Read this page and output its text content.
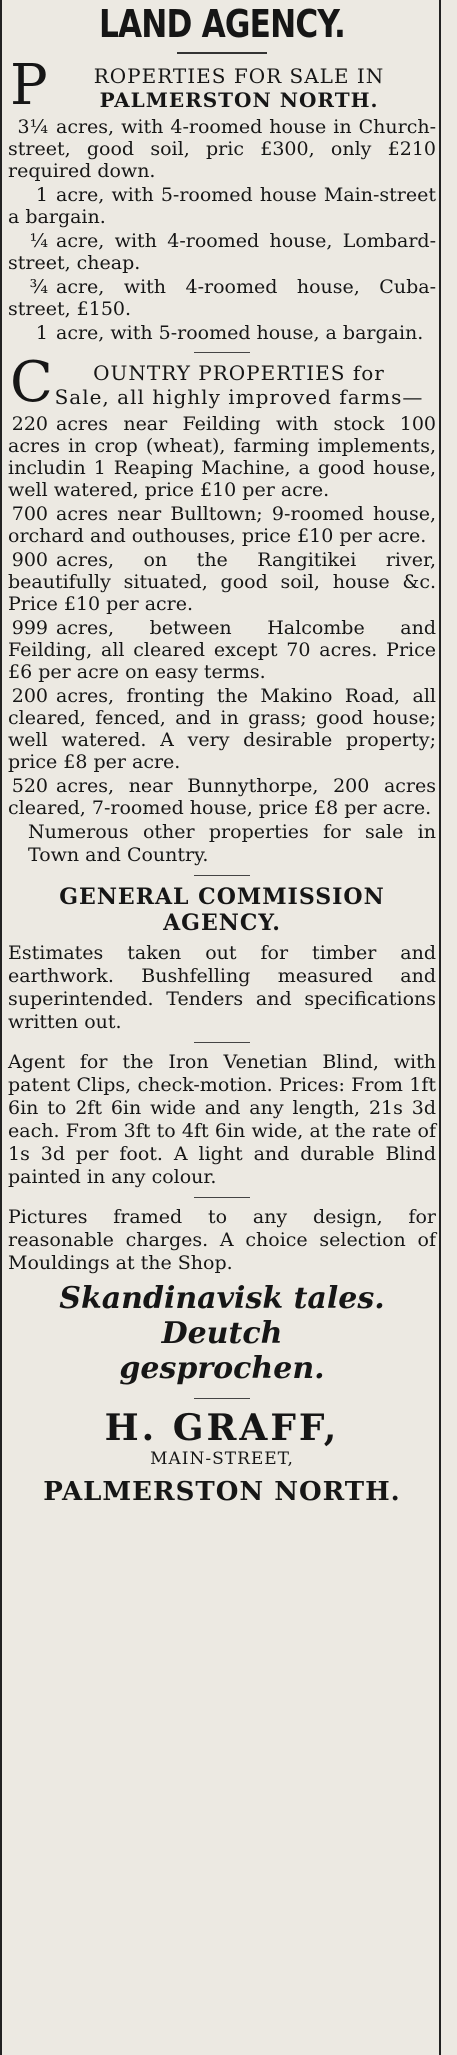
LAND AGENCY.
P	ROPERTIES FOR SALE IN
PALMERSTON NORTH.
3¼ acres, with 4-roomed house in Church-street, good soil, pric £300, only £210 required down.
1 acre, with 5-roomed house Main-street a bargain.
¼ acre, with 4-roomed house, Lombard-street, cheap.
¾ acre, with 4-roomed house, Cuba-street, £150.
1 acre, with 5-roomed house, a bargain.
C	OUNTRY PROPERTIES for
Sale, all highly improved farms—
220 acres near Feilding with stock 100 acres in crop (wheat), farming implements, includin 1 Reaping Machine, a good house, well watered, price £10 per acre.
700 acres near Bulltown; 9-roomed house, orchard and outhouses, price £10 per acre.
900 acres, on the Rangitikei river, beautifully situated, good soil, house &c. Price £10 per acre.
999 acres, between Halcombe and Feilding, all cleared except 70 acres. Price £6 per acre on easy terms.
200 acres, fronting the Makino Road, all cleared, fenced, and in grass; good house; well watered. A very desirable property; price £8 per acre.
520 acres, near Bunnythorpe, 200 acres cleared, 7-roomed house, price £8 per acre.
Numerous other properties for sale in Town and Country.
GENERAL COMMISSION
AGENCY.

Estimates taken out for timber and earthwork. Bushfelling measured and superintended. Tenders and specifications written out.

Agent for the Iron Venetian Blind, with patent Clips, check-motion. Prices: From 1ft 6in to 2ft 6in wide and any length, 21s 3d each. From 3ft to 4ft 6in wide, at the rate of 1s 3d per foot. A light and durable Blind painted in any colour.

Pictures framed to any design, for reasonable charges. A choice selection of Mouldings at the Shop.

Skandinavisk tales. Deutch
gesprochen.
H. GRAFF,
MAIN-STREET,
PALMERSTON NORTH.
